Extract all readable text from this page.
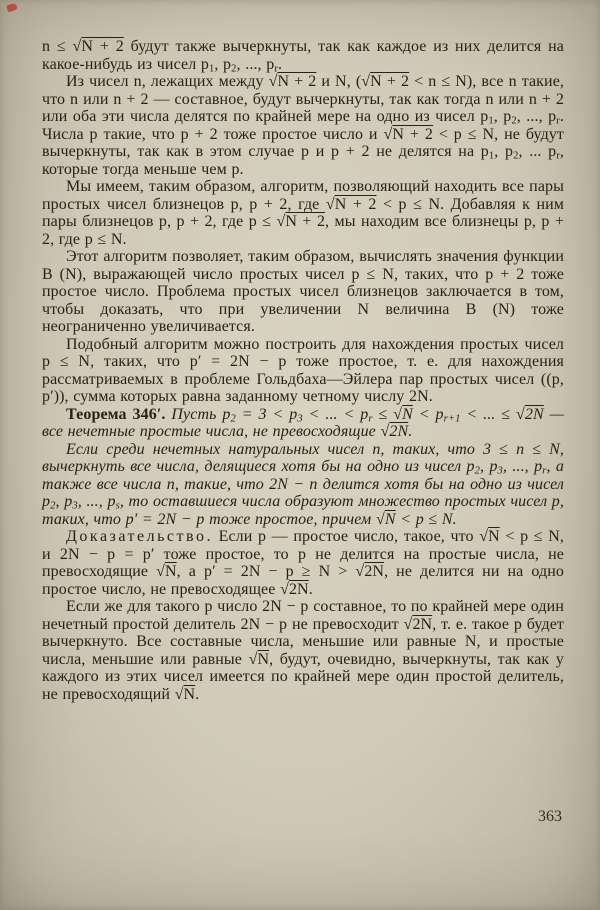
n ≤ √N + 2 будут также вычеркнуты, так как каждое из них делится на какое-нибудь из чисел $p_1$, $p_2$, ..., $p_r$.

Из чисел n, лежащих между √N + 2 и N, (√N + 2 < n ≤ N), все n такие, что n или n + 2 — составное, будут вычеркнуты, так как тогда n или n + 2 или оба эти числа делятся по крайней мере на одно из чисел $p_1$, $p_2$, ..., $p_r$. Числа p такие, что p + 2 тоже простое число и √N + 2 < p ≤ N, не будут вычеркнуты, так как в этом случае p и p + 2 не делятся на $p_1$, $p_2$, ... $p_r$, которые тогда меньше чем p.

Мы имеем, таким образом, алгоритм, позволяющий находить все пары простых чисел близнецов p, p + 2, где √N + 2 < p ≤ N. Добавляя к ним пары близнецов p, p + 2, где p ≤ √N + 2, мы находим все близнецы p, p + 2, где p ≤ N.

Этот алгоритм позволяет, таким образом, вычислять значения функции B (N), выражающей число простых чисел p ≤ N, таких, что p + 2 тоже простое число. Проблема простых чисел близнецов заключается в том, чтобы доказать, что при увеличении N величина B (N) тоже неограниченно увеличивается.

Подобный алгоритм можно построить для нахождения простых чисел p ≤ N, таких, что p′ = 2N − p тоже простое, т. е. для нахождения рассматриваемых в проблеме Гольдбаха—Эйлера пар простых чисел ((p, p′)), сумма которых равна заданному четному числу 2N.

Теорема 346′. Пусть $p_2 = 3 < p_3$ < ... < $p_r \le √N < p_{r+1}$ < ... ≤ √2N — все нечетные простые числа, не превосходящие √2N.

Если среди нечетных натуральных чисел n, таких, что 3 ≤ n ≤ N, вычеркнуть все числа, делящиеся хотя бы на одно из чисел $p_2$, $p_3$, ..., $p_r$, а также все числа n, такие, что 2N − n делится хотя бы на одно из чисел $p_2$, $p_3$, ..., $p_s$, то оставшиеся числа образуют множество простых чисел p, таких, что p′ = 2N − p тоже простое, причем √N < p ≤ N.

Доказательство. Если p — простое число, такое, что √N < p ≤ N, и 2N − p = p′ тоже простое, то p не делится на простые числа, не превосходящие √N, а p′ = 2N − p ≥ N > √2N, не делится ни на одно простое число, не превосходящее √2N.

Если же для такого p число 2N − p составное, то по крайней мере один нечетный простой делитель 2N − p не превосходит √2N, т. е. такое p будет вычеркнуто. Все составные числа, меньшие или равные N, и простые числа, меньшие или равные √N, будут, очевидно, вычеркнуты, так как у каждого из этих чисел имеется по крайней мере один простой делитель, не превосходящий √N.

363
